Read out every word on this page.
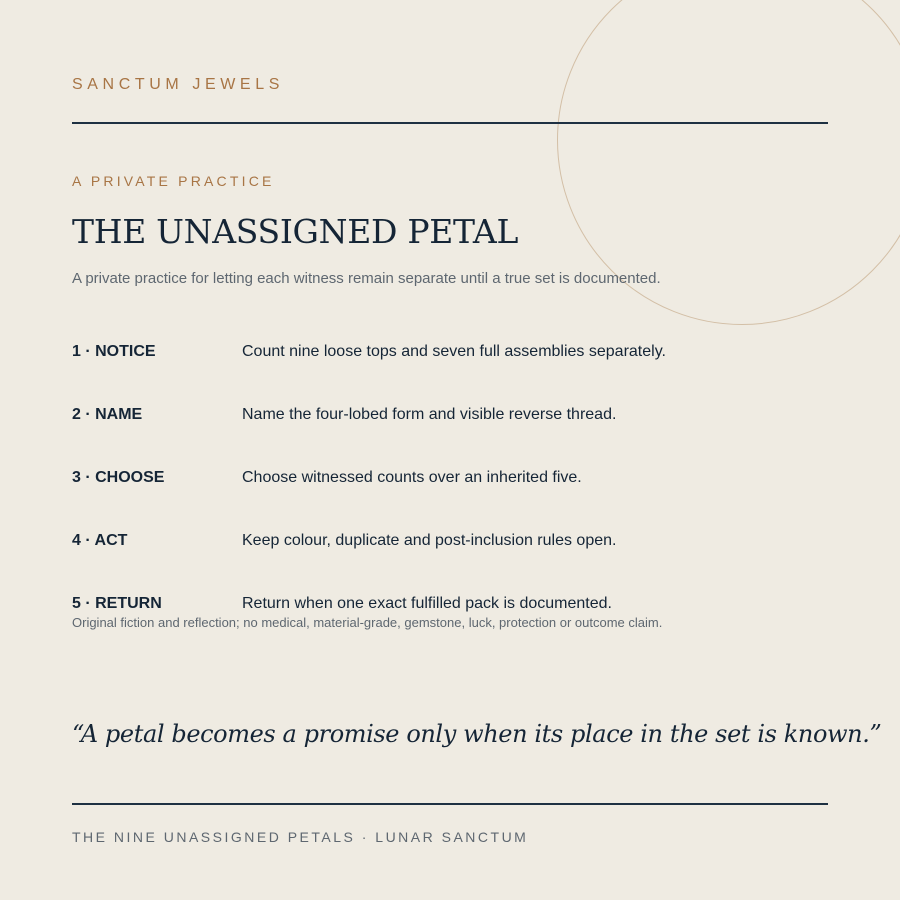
SANCTUM JEWELS
A PRIVATE PRACTICE
THE UNASSIGNED PETAL
A private practice for letting each witness remain separate until a true set is documented.
1 · NOTICE	Count nine loose tops and seven full assemblies separately.
2 · NAME	Name the four-lobed form and visible reverse thread.
3 · CHOOSE	Choose witnessed counts over an inherited five.
4 · ACT	Keep colour, duplicate and post-inclusion rules open.
5 · RETURN	Return when one exact fulfilled pack is documented.
Original fiction and reflection; no medical, material-grade, gemstone, luck, protection or outcome claim.
“A petal becomes a promise only when its place in the set is known.”
THE NINE UNASSIGNED PETALS · LUNAR SANCTUM
